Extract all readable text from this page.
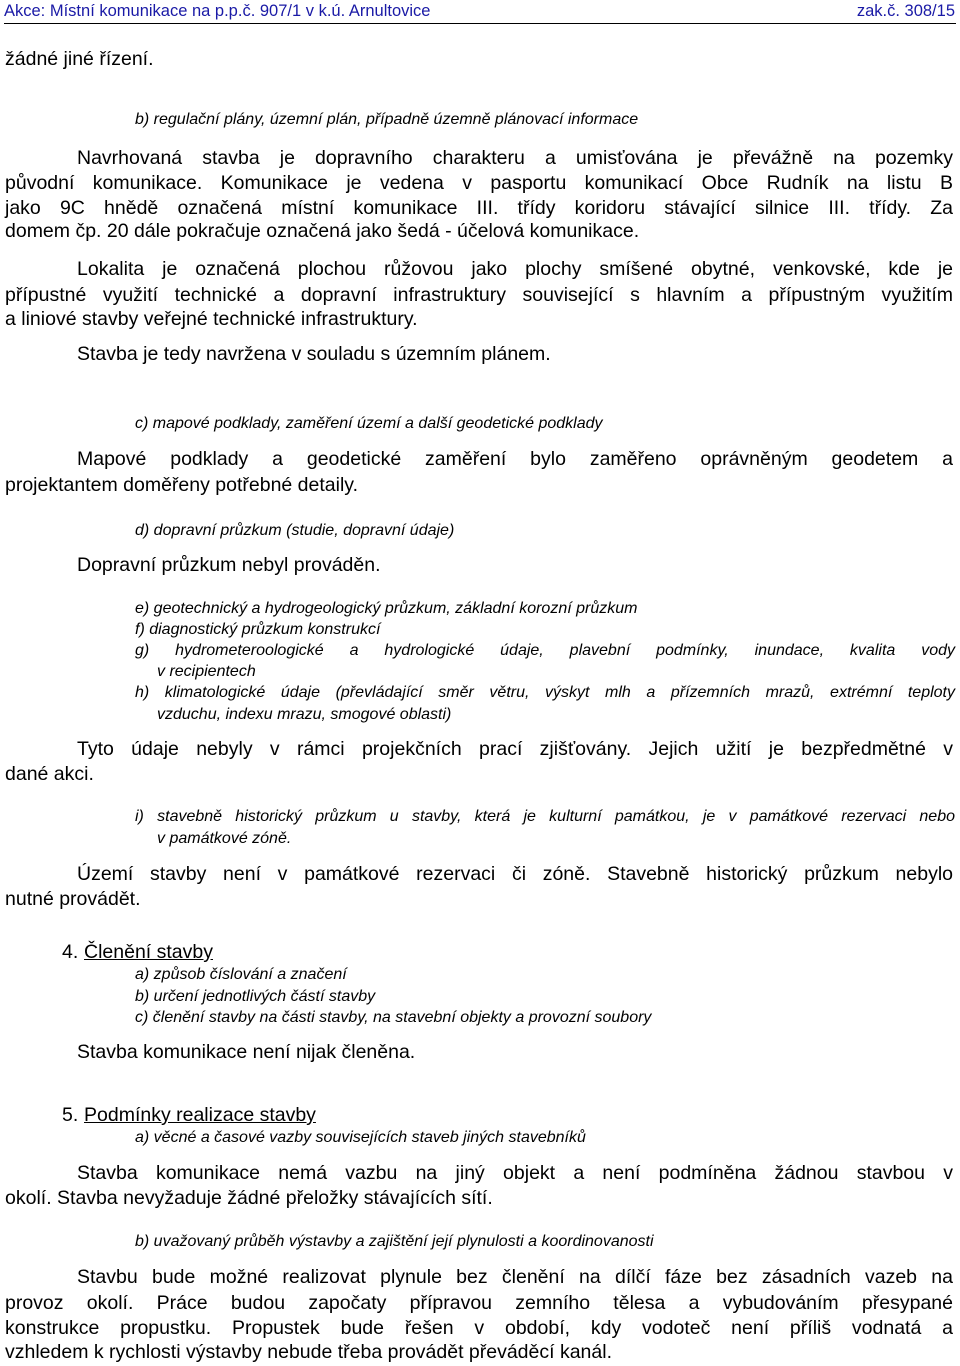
Akce: Místní komunikace na p.p.č. 907/1 v k.ú. Arnultovice	zak.č. 308/15
žádné jiné řízení.
b) regulační plány, územní plán, případně územně plánovací informace
Navrhovaná stavba je dopravního charakteru a umisťována je převážně na pozemky
původní komunikace. Komunikace je vedena v pasportu komunikací Obce Rudník na listu B
jako 9C hnědě označená místní komunikace III. třídy koridoru stávající silnice III. třídy. Za
domem čp. 20 dále pokračuje označená jako šedá - účelová komunikace.
Lokalita je označená plochou růžovou jako plochy smíšené obytné, venkovské, kde je
přípustné využití technické a dopravní infrastruktury související s hlavním a přípustným využitím
a liniové stavby veřejné technické infrastruktury.
Stavba je tedy navržena v souladu s územním plánem.
c) mapové podklady, zaměření území a další geodetické podklady
Mapové podklady a geodetické zaměření bylo zaměřeno oprávněným geodetem a
projektantem doměřeny potřebné detaily.
d) dopravní průzkum (studie, dopravní údaje)
Dopravní průzkum nebyl prováděn.
e) geotechnický a hydrogeologický průzkum, základní korozní průzkum
f) diagnostický průzkum konstrukcí
g) hydrometeroologické a hydrologické údaje, plavební podmínky, inundace, kvalita vody
v recipientech
h) klimatologické údaje (převládající směr větru, výskyt mlh a přízemních mrazů, extrémní teploty
vzduchu, indexu mrazu, smogové oblasti)
Tyto údaje nebyly v rámci projekčních prací zjišťovány. Jejich užití je bezpředmětné v
dané akci.
i) stavebně historický průzkum u stavby, která je kulturní památkou, je v památkové rezervaci nebo
v památkové zóně.
Území stavby není v památkové rezervaci či zóně. Stavebně historický průzkum nebylo
nutné provádět.
4. Členění stavby
a) způsob číslování a značení
b) určení jednotlivých částí stavby
c) členění stavby na části stavby, na stavební objekty a provozní soubory
Stavba komunikace není nijak členěna.
5. Podmínky realizace stavby
a) věcné a časové vazby souvisejících staveb jiných stavebníků
Stavba komunikace nemá vazbu na jiný objekt a není podmíněna žádnou stavbou v
okolí. Stavba nevyžaduje žádné přeložky stávajících sítí.
b) uvažovaný průběh výstavby a zajištění její plynulosti a koordinovanosti
Stavbu bude možné realizovat plynule bez členění na dílčí fáze bez zásadních vazeb na
provoz okolí. Práce budou započaty přípravou zemního tělesa a vybudováním přesypané
konstrukce propustku. Propustek bude řešen v období, kdy vodoteč není příliš vodnatá a
vzhledem k rychlosti výstavby nebude třeba provádět převáděcí kanál.
